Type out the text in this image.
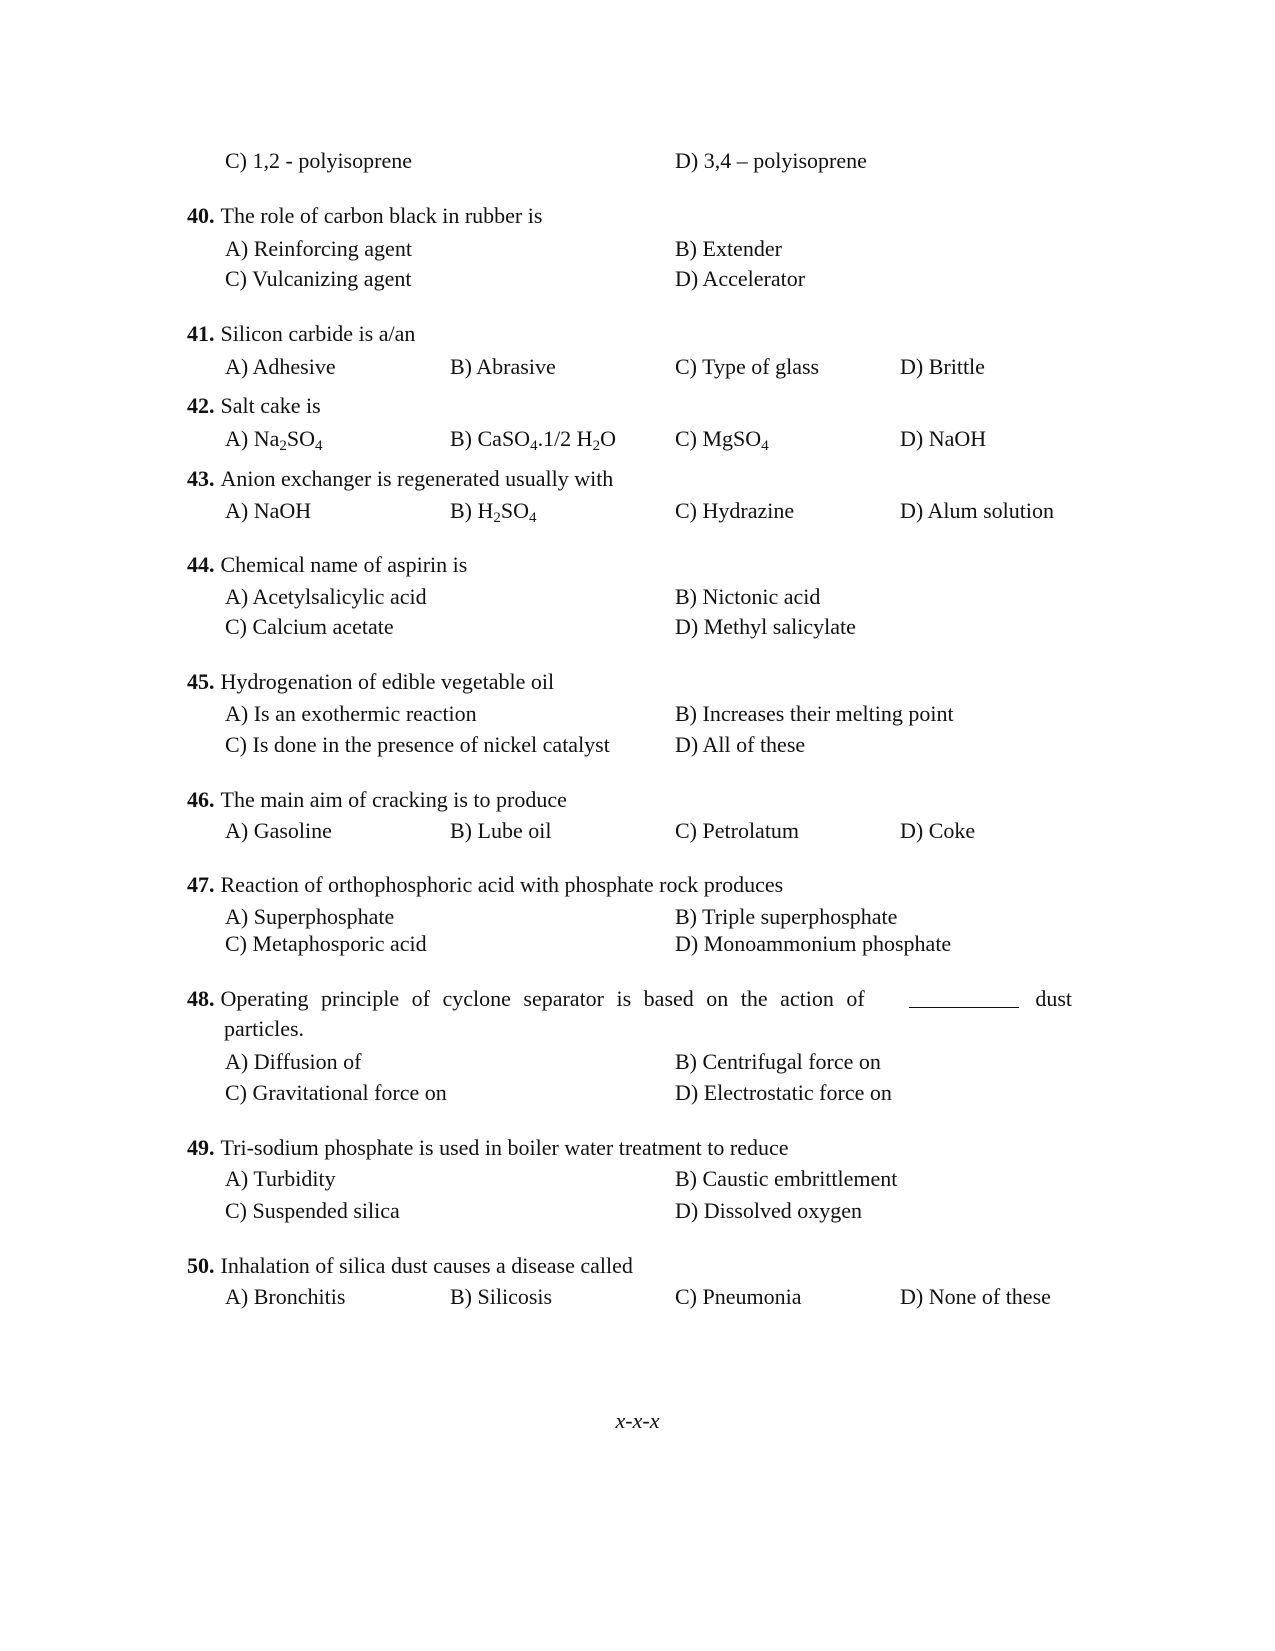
C) 1,2 - polyisoprene	D) 3,4 – polyisoprene
40. The role of carbon black in rubber is
A) Reinforcing agent	B) Extender
C) Vulcanizing agent	D) Accelerator
41. Silicon carbide is a/an
A) Adhesive	B) Abrasive	C) Type of glass	D) Brittle
42. Salt cake is
A) $Na_2SO_4$	B) CaSO$_4$.1/2 $H_2O$	C) MgSO$_4$	D) NaOH
43. Anion exchanger is regenerated usually with
A) NaOH	B) $H_2SO_4$	C) Hydrazine	D) Alum solution
44. Chemical name of aspirin is
A) Acetylsalicylic acid	B) Nictonic acid
C) Calcium acetate	D) Methyl salicylate
45. Hydrogenation of edible vegetable oil
A) Is an exothermic reaction	B) Increases their melting point
C) Is done in the presence of nickel catalyst	D) All of these
46. The main aim of cracking is to produce
A) Gasoline	B) Lube oil	C) Petrolatum	D) Coke
47. Reaction of orthophosphoric acid with phosphate rock produces
A) Superphosphate	B) Triple superphosphate
C) Metaphosporic acid	D) Monoammonium phosphate
48. Operating principle of cyclone separator is based on the action of	dust
particles.
A) Diffusion of	B) Centrifugal force on
C) Gravitational force on	D) Electrostatic force on
49. Tri-sodium phosphate is used in boiler water treatment to reduce
A) Turbidity	B) Caustic embrittlement
C) Suspended silica	D) Dissolved oxygen
50. Inhalation of silica dust causes a disease called
A) Bronchitis	B) Silicosis	C) Pneumonia	D) None of these
x-x-x
